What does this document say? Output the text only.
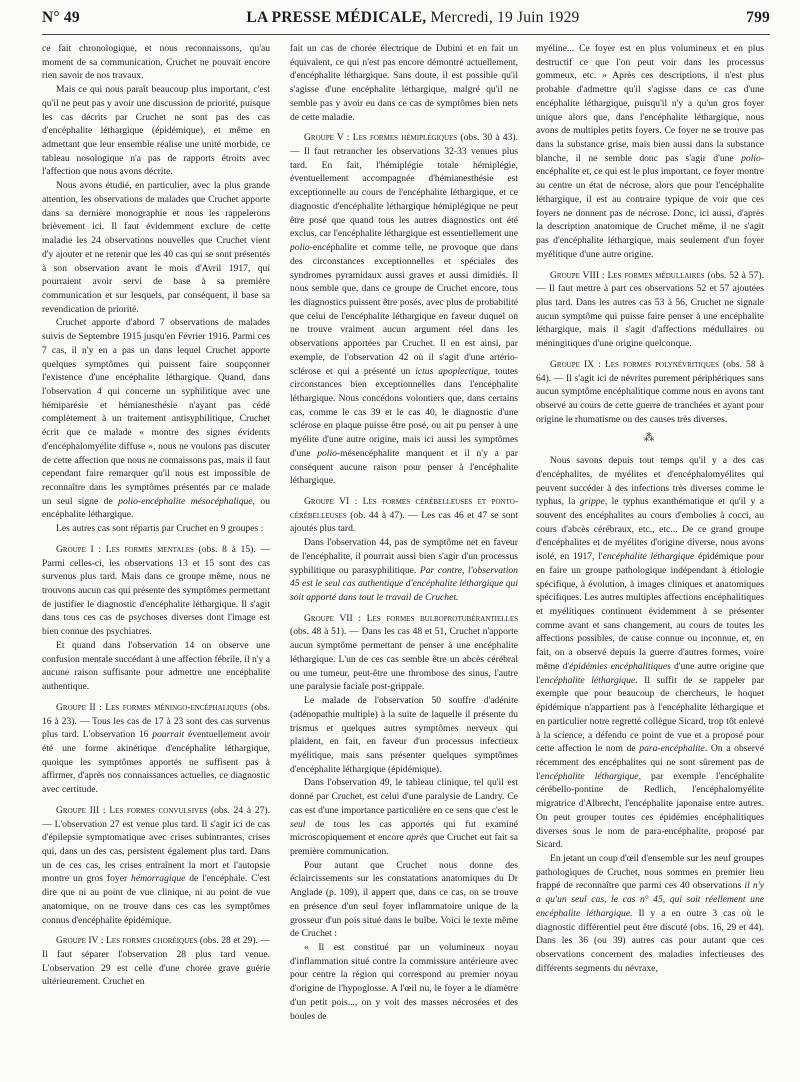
N° 49	LA PRESSE MÉDICALE, Mercredi, 19 Juin 1929	799

ce fait chronologique, et nous reconnaissons, qu'au moment de sa communication, Cruchet ne pouvait encore rien savoir de nos travaux.

Mais ce qui nous paraît beaucoup plus important, c'est qu'il ne peut pas y avoir une discussion de priorité, puisque les cas décrits par Cruchet ne sont pas des cas d'encéphalite léthargique (épidémique), et même en admettant que leur ensemble réalise une unité morbide, ce tableau nosologique n'a pas de rapports étroits avec l'affection que nous avons décrite.

Nous avons étudié, en particulier, avec la plus grande attention, les observations de malades que Cruchet apporte dans sa dernière monographie et nous les rappelerons brièvement ici. Il faut évidemment exclure de cette maladie les 24 observations nouvelles que Cruchet vient d'y ajouter et ne retenir que les 40 cas qui se sont présentés à son observation avant le mois d'Avril 1917, qui pourraient avoir servi de base à sa première communication et sur lesquels, par conséquent, il base sa revendication de priorité.

Cruchet apporte d'abord 7 observations de malades suivis de Septembre 1915 jusqu'en Février 1916. Parmi ces 7 cas, il n'y en a pas un dans lequel Cruchet apporte quelques symptômes qui puissent faire soupçonner l'existence d'une encéphalite léthargique. Quand, dans l'observation 4 qui concerne un syphilitique avec une hémiparésie et hémianesthésie n'ayant pas cédé complètement à un traitement antisyphilitique, Cruchet écrit que ce malade « montre des signes évidents d'encéphalomyélite diffuse », nous ne voulons pas discuter de cette affection que nous ne connaissons pas, mais il faut cependant faire remarquer qu'il nous est impossible de reconnaître dans les symptômes présentés par ce malade un seul signe de polio-encéphalite mésocéphalique, ou encéphalite léthargique.

Les autres cas sont répartis par Cruchet en 9 groupes :

Groupe I : Les formes mentales (obs. 8 à 15). — Parmi celles-ci, les observations 13 et 15 sont des cas survenus plus tard. Mais dans ce groupe même, nous ne trouvons aucun cas qui présente des symptômes permettant de justifier le diagnostic d'encéphalite léthargique. Il s'agit dans tous ces cas de psychoses diverses dont l'image est bien connue des psychiatres.

Et quand dans l'observation 14 on observe une confusion mentale succédant à une affection fébrile, il n'y a aucune raison suffisante pour admettre une encéphalite authentique.

Groupe II : Les formes méningo-encéphaliques (obs. 16 à 23). — Tous les cas de 17 à 23 sont des cas survenus plus tard. L'observation 16 pourrait éventuellement avoir été une forme akinétique d'encéphalite léthargique, quoique les symptômes apportés ne suffisent pas à affirmer, d'après nos connaissances actuelles, ce diagnostic avec certitude.

Groupe III : Les formes convulsives (obs. 24 à 27). — L'observation 27 est venue plus tard. Il s'agit ici de cas d'épilepsie symptomatique avec crises subintrantes, crises qui, dans un des cas, persistent également plus tard. Dans un de ces cas, les crises entraînent la mort et l'autopsie montre un gros foyer hémorragique de l'encéphale. C'est dire que ni au point de vue clinique, ni au point de vue anatomique, on ne trouve dans ces cas les symptômes connus d'encéphalite épidémique.

Groupe IV : Les formes choréiques (obs. 28 et 29). — Il faut séparer l'observation 28 plus tard venue. L'observation 29 est celle d'une chorée grave guérie ultérieurement. Cruchet en

fait un cas de chorée électrique de Dubini et en fait un équivalent, ce qui n'est pas encore démontré actuellement, d'encéphalite léthargique. Sans doute, il est possible qu'il s'agisse d'une encéphalite léthargique, malgré qu'il ne semble pas y avoir eu dans ce cas de symptômes bien nets de cette maladie.

Groupe V : Les formes hémiplégiques (obs. 30 à 43). — Il faut retrancher les observations 32-33 venues plus tard. En fait, l'hémiplégie totale hémiplégie, éventuellement accompagnée d'hémianesthésie est exceptionnelle au cours de l'encéphalite léthargique, et ce diagnostic d'encéphalite léthargique hémiplégique ne peut être posé que quand tous les autres diagnostics ont été exclus, car l'encéphalite léthargique est essentiellement une polio-encéphalite et comme telle, ne provoque que dans des circonstances exceptionnelles et spéciales des syndromes pyramidaux aussi graves et aussi dimidiés. Il nous semble que, dans ce groupe de Cruchet encore, tous les diagnostics puissent être posés, avec plus de probabilité que celui de l'encéphalite léthargique en faveur duquel on ne trouve vraiment aucun argument réel dans les observations apportées par Cruchet. Il en est ainsi, par exemple, de l'observation 42 où il s'agit d'une artério-sclérose et qui a présenté un ictus apoplectique, toutes circonstances bien exceptionnelles dans l'encéphalite léthargique. Nous concédons volontiers que, dans certains cas, comme le cas 39 et le cas 40, le diagnostic d'une sclérose en plaque puisse être posé, ou ait pu penser à une myélite d'une autre origine, mais ici aussi les symptômes d'une polio-mésencéphalite manquent et il n'y a par conséquent aucune raison pour penser à l'encéphalite léthargique.

Groupe VI : Les formes cérébelleuses et ponto-cérébelleuses (ob. 44 à 47). — Les cas 46 et 47 se sont ajoutés plus tard.

Dans l'observation 44, pas de symptôme net en faveur de l'encéphalite, il pourrait aussi bien s'agir d'un processus syphilitique ou parasyphilitique. Par contre, l'observation 45 est le seul cas authentique d'encéphalite léthargique qui soit apporté dans tout le travail de Cruchet.

Groupe VII : Les formes bulboprotubérantielles (obs. 48 à 51). — Dans les cas 48 et 51, Cruchet n'apporte aucun symptôme permettant de penser à une encéphalite léthargique. L'un de ces cas semble être un abcès cérébral ou une tumeur, peut-être une thrombose des sinus, l'autre une paralysie faciale post-grippale.

Le malade de l'observation 50 souffre d'adénite (adénopathie multiple) à la suite de laquelle il présente du trismus et quelques autres symptômes nerveux qui plaident, en fait, en faveur d'un processus infectieux myélitique, mais sans présenter quelques symptômes d'encéphalite léthargique (épidémique).

Dans l'observation 49, le tableau clinique, tel qu'il est donné par Cruchet, est celui d'une paralysie de Landry. Ce cas est d'une importance particulière en ce sens que c'est le seul de tous les cas apportés qui fut examiné microscopiquement et encore après que Cruchet eut fait sa première communication.

Pour autant que Cruchet nous donne des éclaircissements sur les constatations anatomiques du Dr Anglade (p. 109), il appert que, dans ce cas, on se trouve en présence d'un seul foyer inflammatoire unique de la grosseur d'un pois situé dans le bulbe. Voici le texte même de Cruchet :

« Il est constitué par un volumineux noyau d'inflammation situé contre la commissure antérieure avec pour centre la région qui correspond au premier noyau d'origine de l'hypoglosse. A l'œil nu, le foyer a le diamètre d'un petit pois..., on y voit des masses nécrosées et des boules de

myéline... Ce foyer est en plus volumineux et en plus destructif ce que l'on peut voir dans les processus gommeux, etc. » Après ces descriptions, il n'est plus probable d'admettre qu'il s'agisse dans ce cas d'une encéphalite léthargique, puisqu'il n'y a qu'un gros foyer unique alors que, dans l'encéphalite léthargique, nous avons de multiples petits foyers. Ce foyer ne se trouve pas dans la substance grise, mais bien aussi dans la substance blanche, il ne semble donc pas s'agir d'une polio-encéphalite et, ce qui est le plus important, ce foyer montre au centre un état de nécrose, alors que pour l'encéphalite léthargique, il est au contraire typique de voir que ces foyers ne donnent pas de nécrose. Donc, ici aussi, d'après la description anatomique de Cruchet même, il ne s'agit pas d'encéphalite léthargique, mais seulement d'un foyer myélitique d'une autre origine.

Groupe VIII : Les formes médullaires (obs. 52 à 57). — Il faut mettre à part ces observations 52 et 57 ajoutées plus tard. Dans les autres cas 53 à 56, Cruchet ne signale aucun symptôme qui puisse faire penser à une encéphalite léthargique, mais il s'agit d'affections médullaires ou méningitiques d'une origine quelconque.

Groupe IX : Les formes polynévritiques (obs. 58 à 64). — Il s'agit ici de névrites purement périphériques sans aucun symptôme encéphalitique comme nous en avons tant observé au cours de cette guerre de tranchées et ayant pour origine le rhumatisme ou des causes très diverses.

⁂

Nous savons depuis tout temps qu'il y a des cas d'encéphalites, de myélites et d'encéphalomyélites qui peuvent succéder à des infections très diverses comme le typhus, la grippe, le typhus exanthématique et qu'il y a souvent des encéphalites au cours d'embolies à cocci, au cours d'abcès cérébraux, etc., etc... De ce grand groupe d'encéphalites et de myélites d'origine diverse, nous avons isolé, en 1917, l'encéphalite léthargique épidémique pour en faire un groupe pathologique indépendant à étiologie spécifique, à évolution, à images cliniques et anatomiques spécifiques. Les autres multiples affections encéphalitiques et myélitiques continuent évidemment à se présenter comme avant et sans changement, au cours de toutes les affections possibles, de cause connue ou inconnue, et, en fait, on a observé depuis la guerre d'autres formes, voire même d'épidémies encéphalitiques d'une autre origine que l'encéphalite léthargique. Il suffit de se rappeler par exemple que pour beaucoup de chercheurs, le hoquet épidémique n'appartient pas à l'encéphalite léthargique et en particulier notre regretté collègue Sicard, trop tôt enlevé à la science, a défendu ce point de vue et a proposé pour cette affection le nom de para-encéphalite. On a observé récemment des encéphalites qui ne sont sûrement pas de l'encéphalite léthargique, par exemple l'encéphalite cérébello-pontine de Redlich, l'encéphalomyélite migratrice d'Albrecht, l'encéphalite japonaise entre autres. On peut grouper toutes ces épidémies encéphalitiques diverses sous le nom de para-encéphalite, proposé par Sicard.

En jetant un coup d'œil d'ensemble sur les neuf groupes pathologiques de Cruchet, nous sommes en premier lieu frappé de reconnaître que parmi ces 40 observations il n'y a qu'un seul cas, le cas n° 45, qui soit réellement une encéphalite léthargique. Il y a en outre 3 cas où le diagnostic différentiel peut être discuté (obs. 16, 29 et 44). Dans les 36 (ou 39) autres cas pour autant que ces observations concernent des maladies infectieuses des différents segments du névraxe,
